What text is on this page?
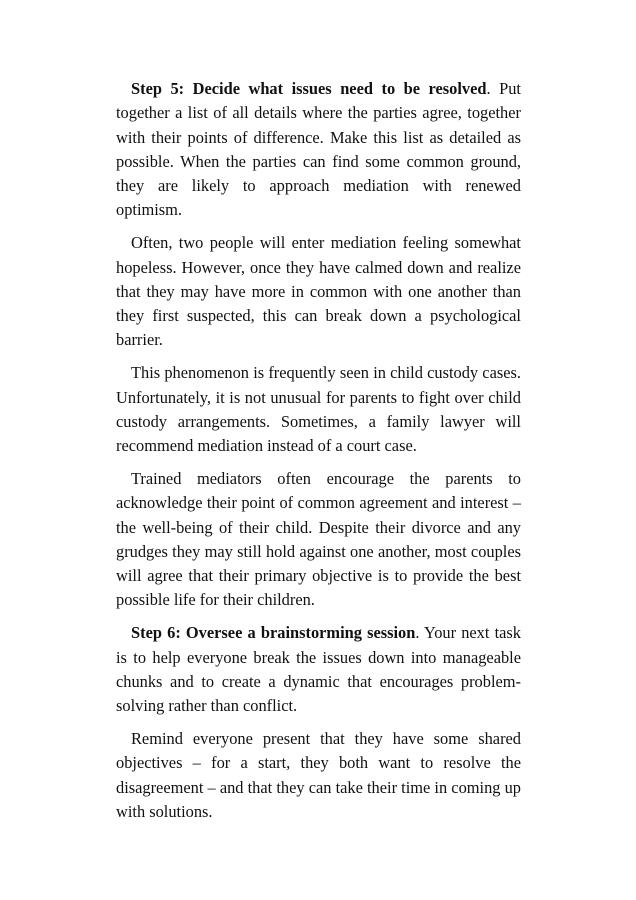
Step 5: Decide what issues need to be resolved. Put together a list of all details where the parties agree, together with their points of difference. Make this list as detailed as possible. When the parties can find some common ground, they are likely to approach mediation with renewed optimism.

Often, two people will enter mediation feeling somewhat hopeless. However, once they have calmed down and realize that they may have more in common with one another than they first suspected, this can break down a psychological barrier.

This phenomenon is frequently seen in child custody cases. Unfortunately, it is not unusual for parents to fight over child custody arrangements. Sometimes, a family lawyer will recommend mediation instead of a court case.

Trained mediators often encourage the parents to acknowledge their point of common agreement and interest – the well-being of their child. Despite their divorce and any grudges they may still hold against one another, most couples will agree that their primary objective is to provide the best possible life for their children.

Step 6: Oversee a brainstorming session. Your next task is to help everyone break the issues down into manageable chunks and to create a dynamic that encourages problem-solving rather than conflict.

Remind everyone present that they have some shared objectives – for a start, they both want to resolve the disagreement – and that they can take their time in coming up with solutions.
